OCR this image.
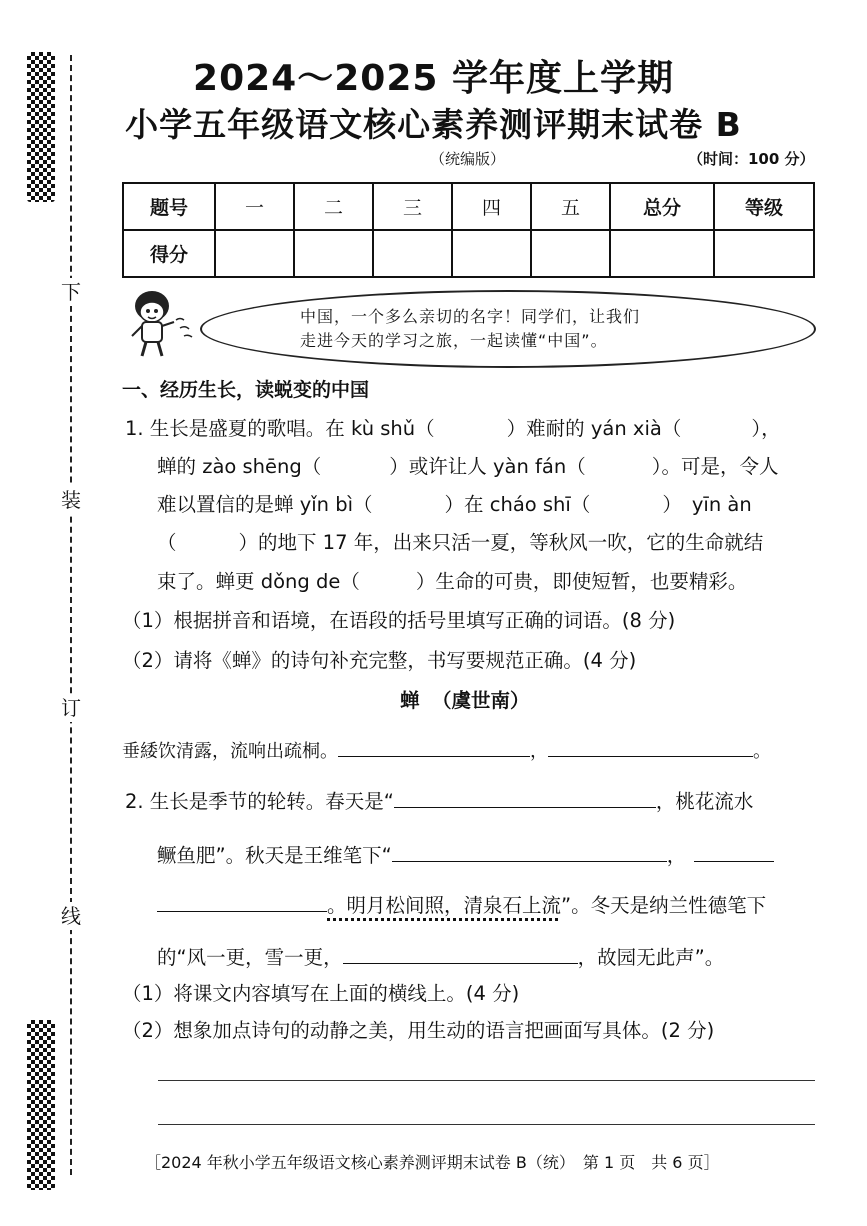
下
装
订
线
2024～2025 学年度上学期
小学五年级语文核心素养测评期末试卷 B
（统编版）	（时间：100 分）
题号	一	二	三	四	五	总分	等级
得分							
中国，一个多么亲切的名字！同学们，让我们
走进今天的学习之旅，一起读懂“中国”。
一、经历生长，读蜕变的中国
1. 生长是盛夏的歌唱。在 kù shǔ（	）难耐的 yán xià（	），
蝉的 zào shēng（	）或许让人 yàn fán（	）。可是，令人
难以置信的是蝉 yǐn bì（	）在 cháo shī（	） yīn àn
（          ）的地下 17 年，出来只活一夏，等秋风一吹，它的生命就结
束了。蝉更 dǒng de（	）生命的可贵，即使短暂，也要精彩。
（1）根据拼音和语境，在语段的括号里填写正确的词语。(8 分)
（2）请将《蝉》的诗句补充完整，书写要规范正确。(4 分)
蝉 （虞世南）
垂緌饮清露，流响出疏桐。	，	。
2. 生长是季节的轮转。春天是“	，桃花流水
鳜鱼肥”。秋天是王维笔下“	，
。明月松间照，清泉石上流”。冬天是纳兰性德笔下
的“风一更，雪一更，	，故园无此声”。
（1）将课文内容填写在上面的横线上。(4 分)
（2）想象加点诗句的动静之美，用生动的语言把画面写具体。(2 分)
［2024 年秋小学五年级语文核心素养测评期末试卷 B（统）　第 1 页　共 6 页］
